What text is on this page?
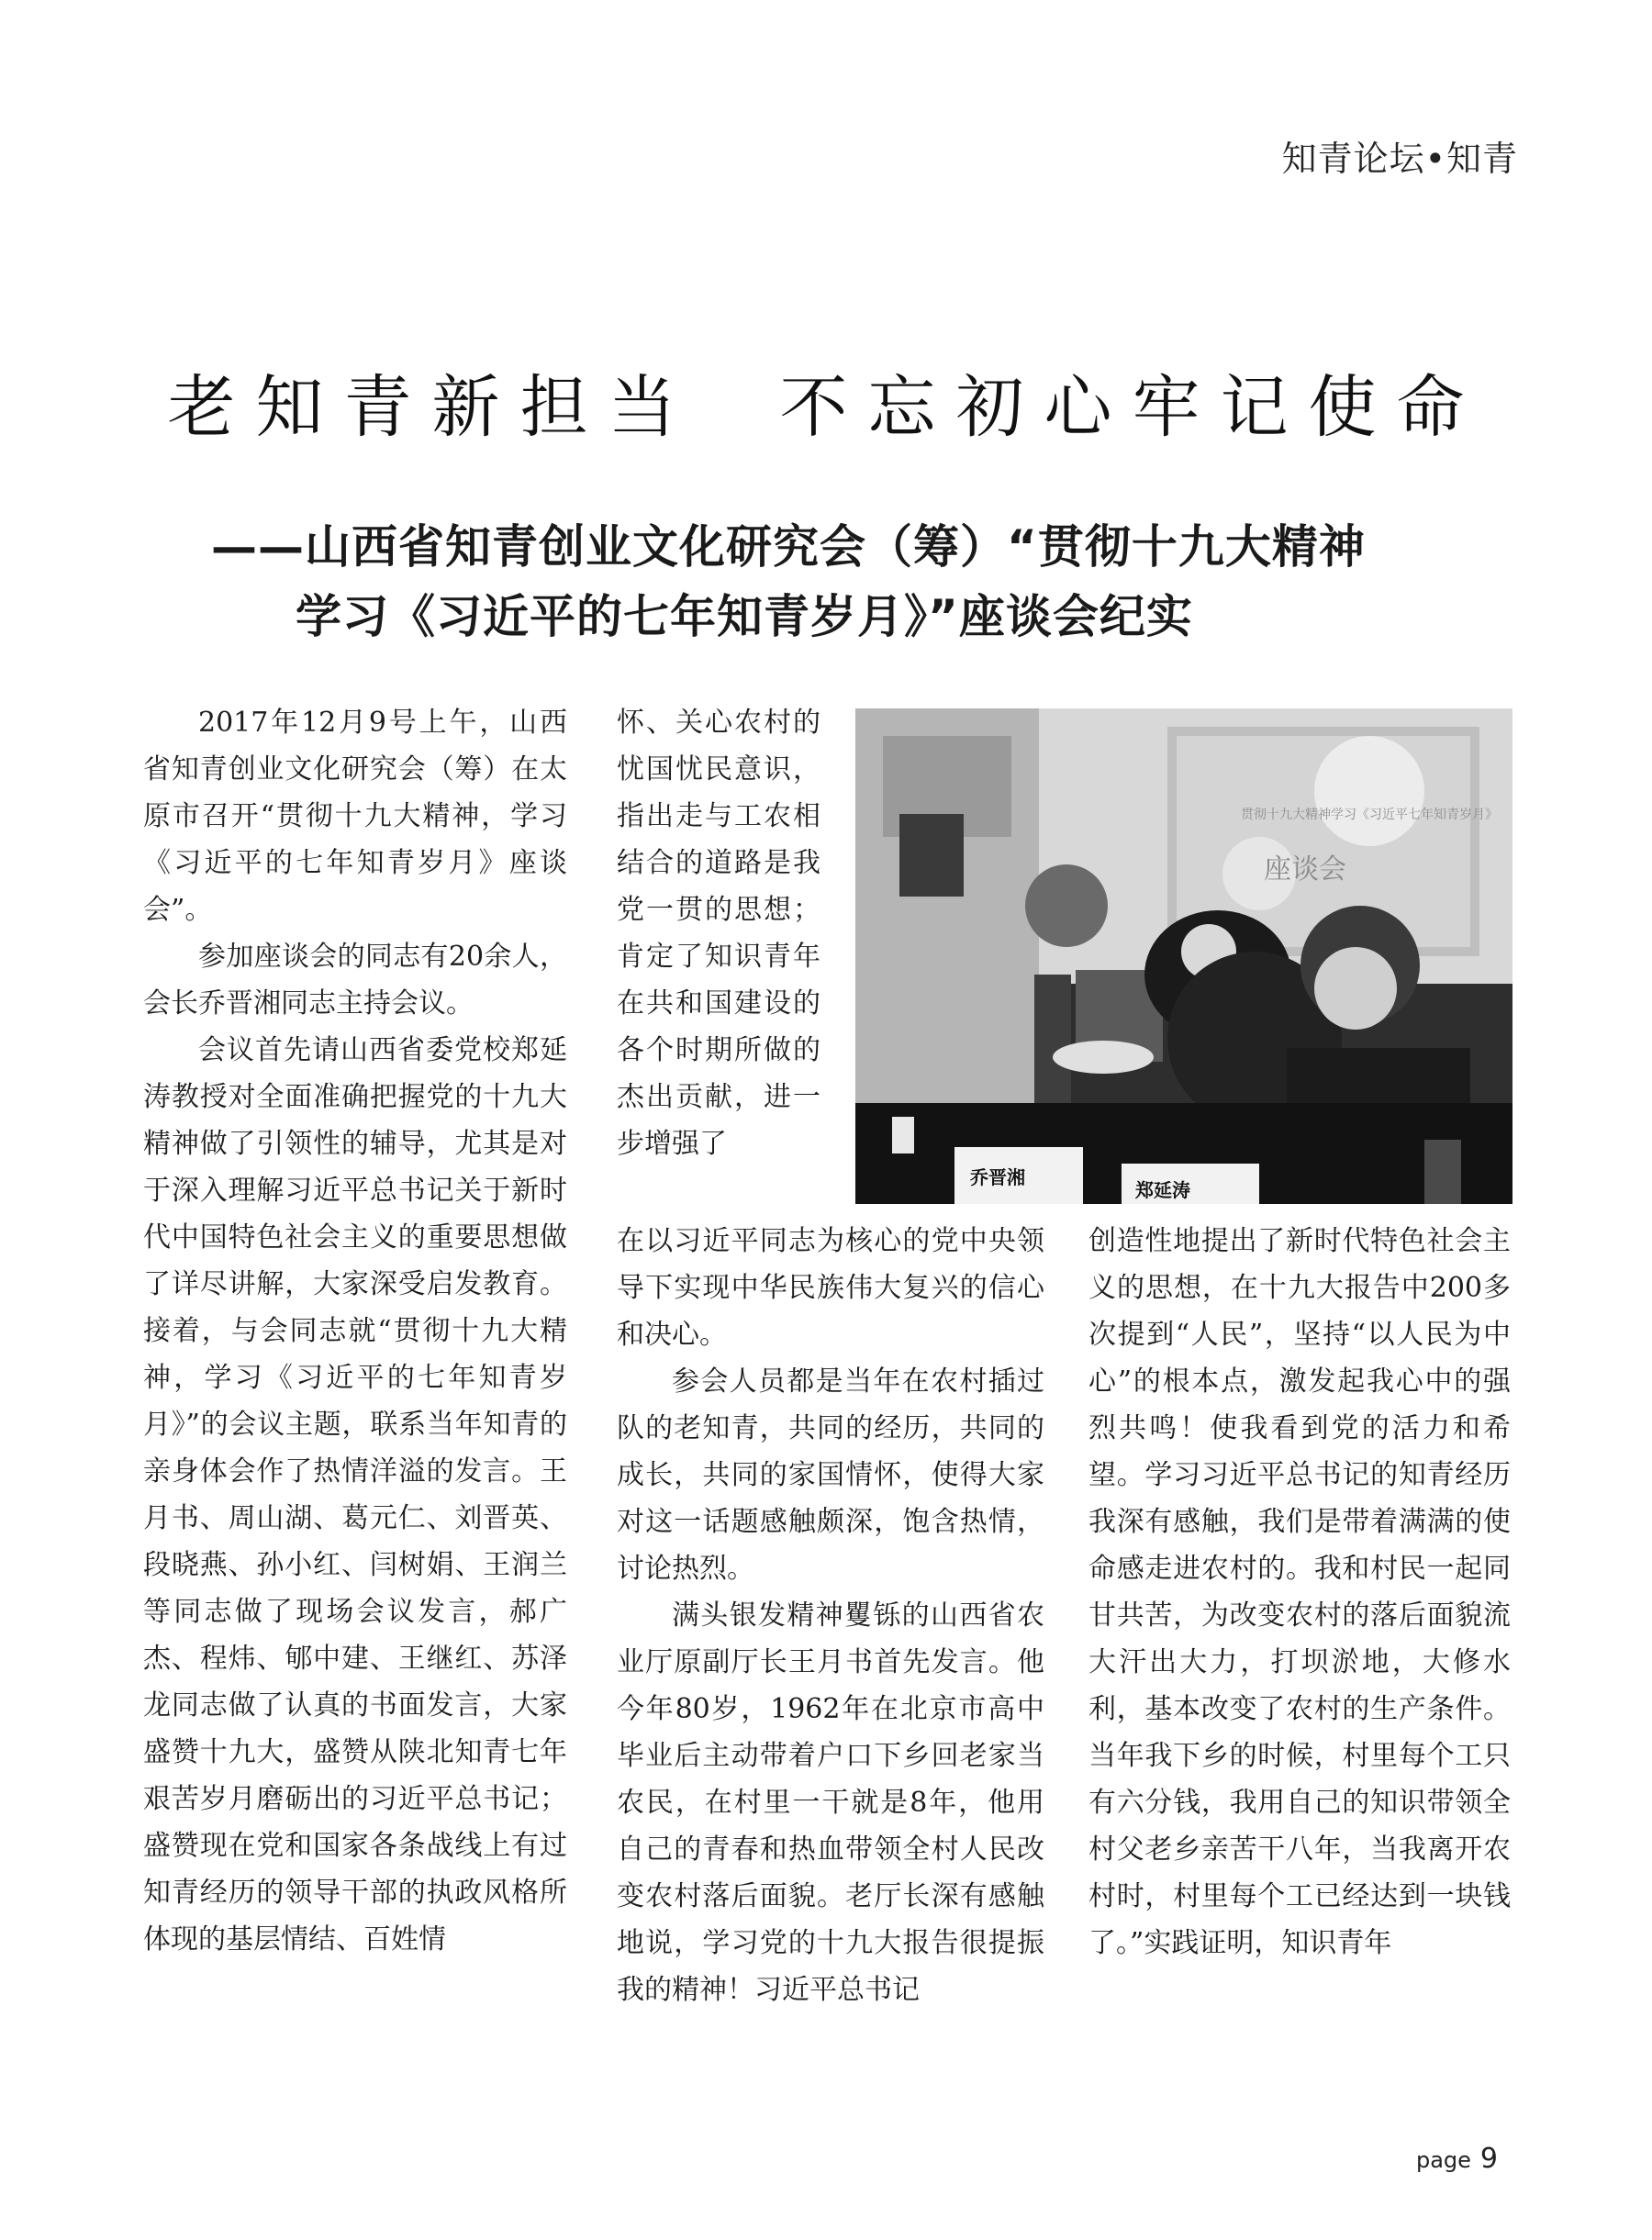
知青论坛•知青
老知青新担当  不忘初心牢记使命
——山西省知青创业文化研究会（筹）“贯彻十九大精神
学习《习近平的七年知青岁月》”座谈会纪实

2017年12月9号上午，山西省知青创业文化研究会（筹）在太原市召开“贯彻十九大精神，学习《习近平的七年知青岁月》座谈会”。

参加座谈会的同志有20余人，会长乔晋湘同志主持会议。

会议首先请山西省委党校郑延涛教授对全面准确把握党的十九大精神做了引领性的辅导，尤其是对于深入理解习近平总书记关于新时代中国特色社会主义的重要思想做了详尽讲解，大家深受启发教育。接着，与会同志就“贯彻十九大精神，学习《习近平的七年知青岁月》”的会议主题，联系当年知青的亲身体会作了热情洋溢的发言。王月书、周山湖、葛元仁、刘晋英、段晓燕、孙小红、闫树娟、王润兰等同志做了现场会议发言，郝广杰、程炜、郇中建、王继红、苏泽龙同志做了认真的书面发言，大家盛赞十九大，盛赞从陕北知青七年艰苦岁月磨砺出的习近平总书记；盛赞现在党和国家各条战线上有过知青经历的领导干部的执政风格所体现的基层情结、百姓情

怀、关心农村的忧国忧民意识，指出走与工农相结合的道路是我党一贯的思想；肯定了知识青年在共和国建设的各个时期所做的杰出贡献，进一步增强了

贯彻十九大精神学习《习近平七年知青岁月》
座谈会
乔晋湘
郑延涛

在以习近平同志为核心的党中央领导下实现中华民族伟大复兴的信心和决心。

参会人员都是当年在农村插过队的老知青，共同的经历，共同的成长，共同的家国情怀，使得大家对这一话题感触颇深，饱含热情，讨论热烈。

满头银发精神矍铄的山西省农业厅原副厅长王月书首先发言。他今年80岁，1962年在北京市高中毕业后主动带着户口下乡回老家当农民，在村里一干就是8年，他用自己的青春和热血带领全村人民改变农村落后面貌。老厅长深有感触地说，学习党的十九大报告很提振我的精神！习近平总书记

创造性地提出了新时代特色社会主义的思想，在十九大报告中200多次提到“人民”，坚持“以人民为中心”的根本点，激发起我心中的强烈共鸣！使我看到党的活力和希望。学习习近平总书记的知青经历我深有感触，我们是带着满满的使命感走进农村的。我和村民一起同甘共苦，为改变农村的落后面貌流大汗出大力，打坝淤地，大修水利，基本改变了农村的生产条件。当年我下乡的时候，村里每个工只有六分钱，我用自己的知识带领全村父老乡亲苦干八年，当我离开农村时，村里每个工已经达到一块钱了。”实践证明，知识青年

page 9
